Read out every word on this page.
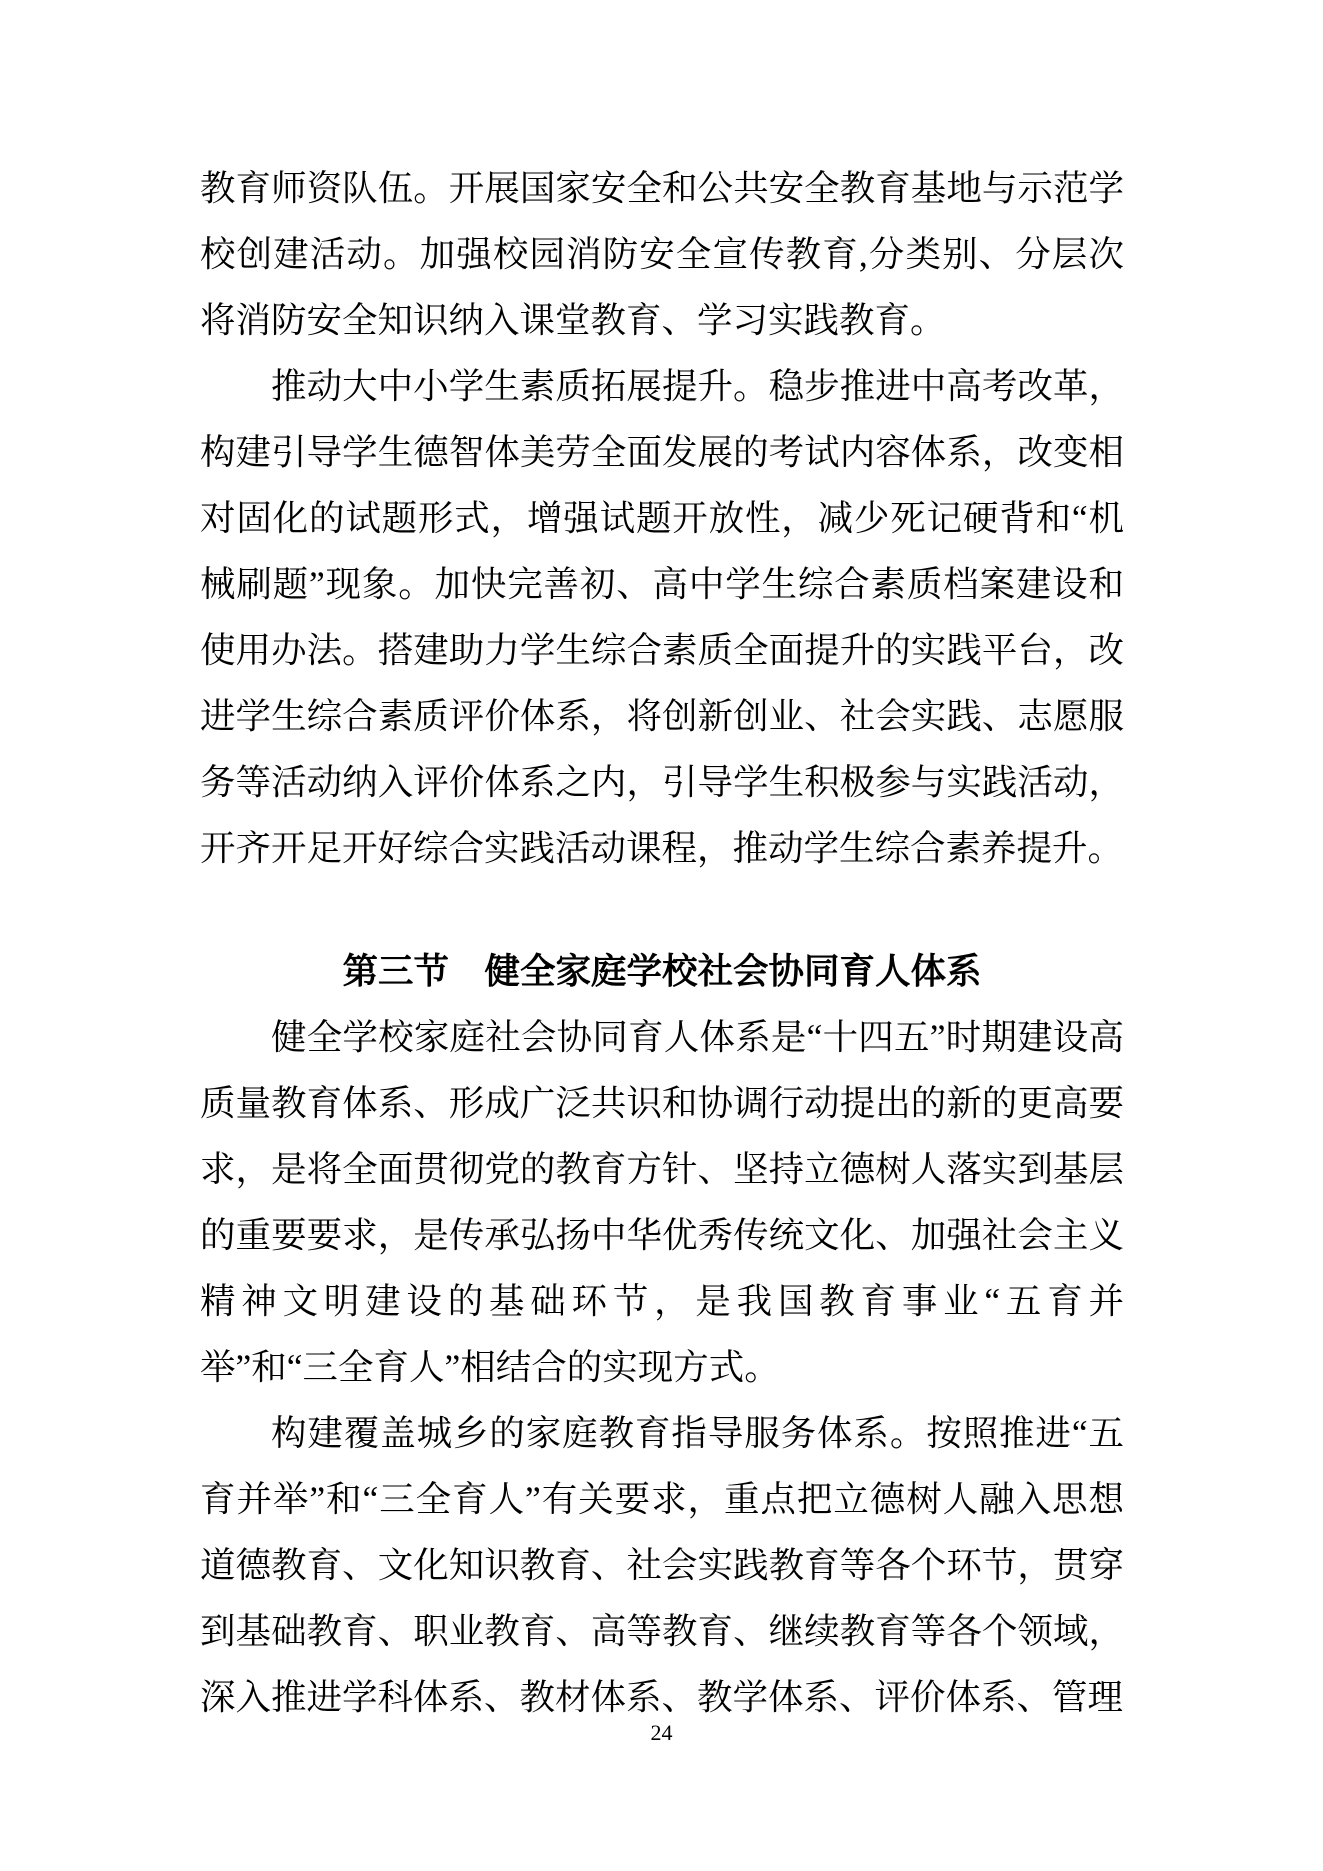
教育师资队伍。开展国家安全和公共安全教育基地与示范学校创建活动。加强校园消防安全宣传教育,分类别、分层次将消防安全知识纳入课堂教育、学习实践教育。

推动大中小学生素质拓展提升。稳步推进中高考改革，构建引导学生德智体美劳全面发展的考试内容体系，改变相对固化的试题形式，增强试题开放性，减少死记硬背和“机械刷题”现象。加快完善初、高中学生综合素质档案建设和使用办法。搭建助力学生综合素质全面提升的实践平台，改进学生综合素质评价体系，将创新创业、社会实践、志愿服务等活动纳入评价体系之内，引导学生积极参与实践活动，开齐开足开好综合实践活动课程，推动学生综合素养提升。

第三节　健全家庭学校社会协同育人体系

健全学校家庭社会协同育人体系是“十四五”时期建设高质量教育体系、形成广泛共识和协调行动提出的新的更高要求，是将全面贯彻党的教育方针、坚持立德树人落实到基层的重要要求，是传承弘扬中华优秀传统文化、加强社会主义精神文明建设的基础环节，是我国教育事业“五育并举”和“三全育人”相结合的实现方式。

构建覆盖城乡的家庭教育指导服务体系。按照推进“五育并举”和“三全育人”有关要求，重点把立德树人融入思想道德教育、文化知识教育、社会实践教育等各个环节，贯穿到基础教育、职业教育、高等教育、继续教育等各个领域，深入推进学科体系、教材体系、教学体系、评价体系、管理

24
